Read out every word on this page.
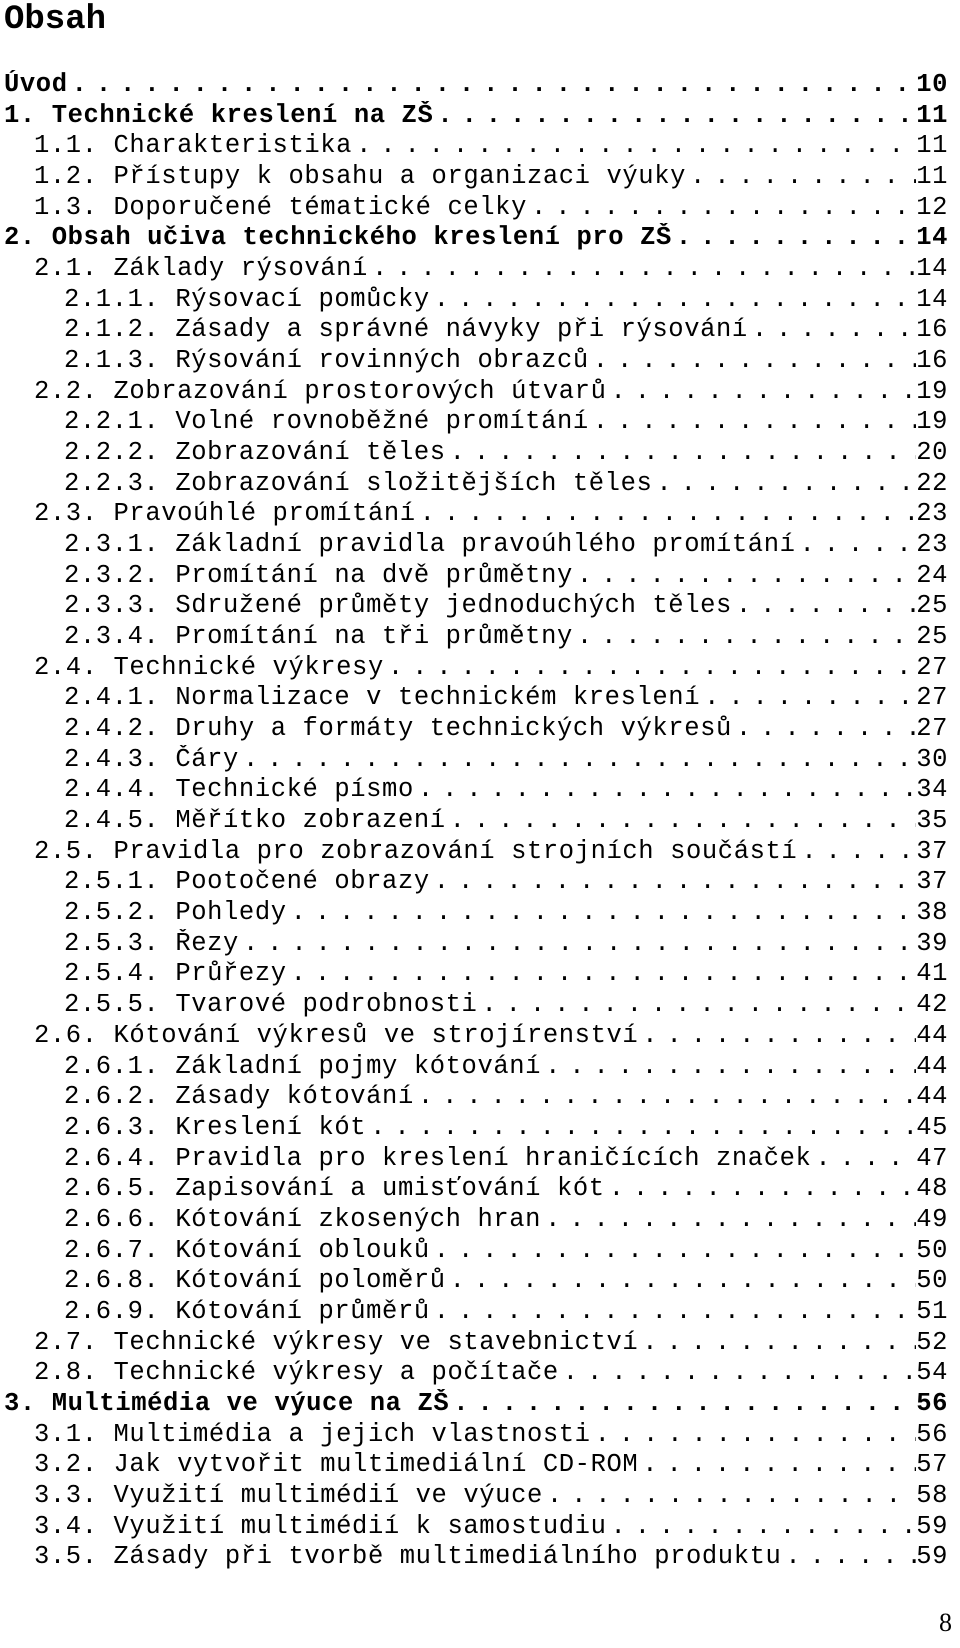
Obsah
Úvod . . .	10
1. Technické kreslení na ZŠ . . .	11
1.1. Charakteristika . . .	11
1.2. Přístupy k obsahu a organizaci výuky . . .	11
1.3. Doporučené tématické celky . . .	12
2. Obsah učiva technického kreslení pro ZŠ . . .	14
2.1. Základy rýsování . . .	14
2.1.1. Rýsovací pomůcky . . .	14
2.1.2. Zásady a správné návyky při rýsování . . .	16
2.1.3. Rýsování rovinných obrazců . . .	16
2.2. Zobrazování prostorových útvarů . . .	19
2.2.1. Volné rovnoběžné promítání . . .	19
2.2.2. Zobrazování těles . . .	20
2.2.3. Zobrazování složitějších těles . . .	22
2.3. Pravoúhlé promítání . . .	23
2.3.1. Základní pravidla pravoúhlého promítání . . .	23
2.3.2. Promítání na dvě průmětny . . .	24
2.3.3. Sdružené průměty jednoduchých těles . . .	25
2.3.4. Promítání na tři průmětny . . .	25
2.4. Technické výkresy . . .	27
2.4.1. Normalizace v technickém kreslení . . .	27
2.4.2. Druhy a formáty technických výkresů . . .	27
2.4.3. Čáry . . .	30
2.4.4. Technické písmo . . .	34
2.4.5. Měřítko zobrazení . . .	35
2.5. Pravidla pro zobrazování strojních součástí . . .	37
2.5.1. Pootočené obrazy . . .	37
2.5.2. Pohledy . . .	38
2.5.3. Řezy . . .	39
2.5.4. Průřezy . . .	41
2.5.5. Tvarové podrobnosti . . .	42
2.6. Kótování výkresů ve strojírenství . . .	44
2.6.1. Základní pojmy kótování . . .	44
2.6.2. Zásady kótování . . .	44
2.6.3. Kreslení kót . . .	45
2.6.4. Pravidla pro kreslení hraničících značek . . .	47
2.6.5. Zapisování a umisťování kót . . .	48
2.6.6. Kótování zkosených hran . . .	49
2.6.7. Kótování oblouků . . .	50
2.6.8. Kótování poloměrů . . .	50
2.6.9. Kótování průměrů . . .	51
2.7. Technické výkresy ve stavebnictví . . .	52
2.8. Technické výkresy a počítače . . .	54
3. Multimédia ve výuce na ZŠ . . .	56
3.1. Multimédia a jejich vlastnosti . . .	56
3.2. Jak vytvořit multimediální CD-ROM . . .	57
3.3. Využití multimédií ve výuce . . .	58
3.4. Využití multimédií k samostudiu . . .	59
3.5. Zásady při tvorbě multimediálního produktu . . .	59
8
